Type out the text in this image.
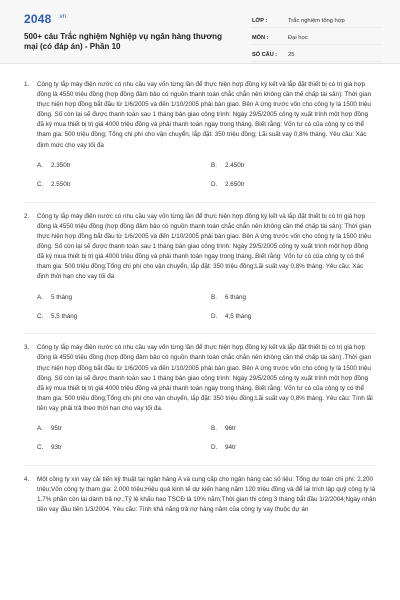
2048 .vn
500+ câu Trắc nghiệm Nghiệp vụ ngân hàng thương mại (có đáp án) - Phần 10
LỚP :	Trắc nghiệm tổng hợp
MÔN :	Đại học
SỐ CÂU :	25
1.	Công ty lắp máy điện nước có nhu cầu vay vốn từng lần để thực hiện hợp đồng ký kết và lắp đặt thiết bị có trị giá hợp đồng là 4550 triệu đồng (hợp đồng đảm bảo có nguồn thanh toán chắc chắn nên không cần thế chấp tài sản): Thời gian thực hiện hợp đồng bắt đầu từ 1/6/2005 và đến 1/10/2005 phải bàn giao. Bên A ứng trước vốn cho công ty là 1500 triệu đồng. Số còn lại sẽ được thanh toán sau 1 tháng bàn giao công trình: Ngày 29/5/2005 công ty xuất trình một hợp đồng đã ký mua thiết bị trị giá 4000 triệu đồng và phải thanh toán ngay trong tháng. Biết rằng: Vốn tự có của công ty có thể tham gia: 500 triệu đồng; Tổng chi phí cho vận chuyển, lắp đặt: 350 triệu đồng; Lãi suất vay 0,8% tháng. Yêu cầu: Xác định mức cho vay tối đa
A.	2.350tr	B.	2.450tr
C.	2.550tr	D.	2.650tr
2.	Công ty lắp máy điện nước có nhu cầu vay vốn từng lần để thực hiện hợp đồng ký kết và lắp đặt thiết bị có trị giá hợp đồng là 4550 triệu đồng (hợp đồng đảm bảo có nguồn thanh toán chắc chắn nên không cần thế chấp tài sản): Thời gian thực hiện hợp đồng bắt đầu từ 1/6/2005 và đến 1/10/2005 phải bàn giao. Bên A ứng trước vốn cho công ty là 1500 triệu đồng. Số còn lại sẽ được thanh toán sau 1 tháng bàn giao công trình: Ngày 29/5/2005 công ty xuất trình một hợp đồng đã ký mua thiết bị trị giá 4000 triệu đồng và phải thanh toán ngay trong tháng. Biết rằng: Vốn tự có của công ty có thể tham gia: 500 triệu đồng;Tổng chi phí cho vận chuyển, lắp đặt: 350 triệu đồng;Lãi suất vay 0,8% tháng. Yêu cầu: Xác định thời hạn cho vay tối đa
A.	5 tháng	B.	6 tháng
C.	5,5 tháng	D.	4,5 tháng
3.	Công ty lắp máy điện nước có nhu cầu vay vốn từng lần để thực hiện hợp đồng ký kết và lắp đặt thiết bị có trị giá hợp đồng là 4550 triệu đồng (hợp đồng đảm bảo có nguồn thanh toán chắc chắn nên không cần thế chấp tài sản) .Thời gian thực hiện hợp đồng bắt đầu từ 1/6/2005 và đến 1/10/2005 phải bàn giao. Bên A ứng trước vốn cho công ty là 1500 triệu đồng. Số còn lại sẽ được thanh toán sau 1 tháng bàn giao công trình: Ngày 29/5/2005 công ty xuất trình một hợp đồng đã ký mua thiết bị trị giá 4000 triệu đồng và phải thanh toán ngay trong tháng. Biết rằng: Vốn tự có của công ty có thể tham gia: 500 triệu đồng;Tổng chi phí cho vận chuyển, lắp đặt: 350 triệu đồng;Lãi suất vay 0,8% tháng. Yêu cầu: Tính lãi tiền vay phải trả theo thời hạn cho vay tối đa.
A.	95tr	B.	96tr
C.	93tr	D.	94tr
4.	Một công ty xin vay cải tiến kỹ thuật tại ngân hàng A và cung cấp cho ngân hàng các số liệu: Tổng dự toán chi phí: 2.200 triệu;Vốn công ty tham gia: 2.000 triệu;Hiệu quả kinh tế dự kiến hàng năm 120 triệu đồng và để lại trích lập quỹ công ty là 1,7% phần còn lại dành trả nợ.;Tỷ lệ khấu hao TSCĐ là 10% năm;Thời gian thi công 3 tháng bắt đầu 1/2/2004;Ngày nhận tiền vay đầu tiên 1/3/2004. Yêu cầu: Tính khả năng trả nợ hàng năm của công ty vay thuộc dự án
